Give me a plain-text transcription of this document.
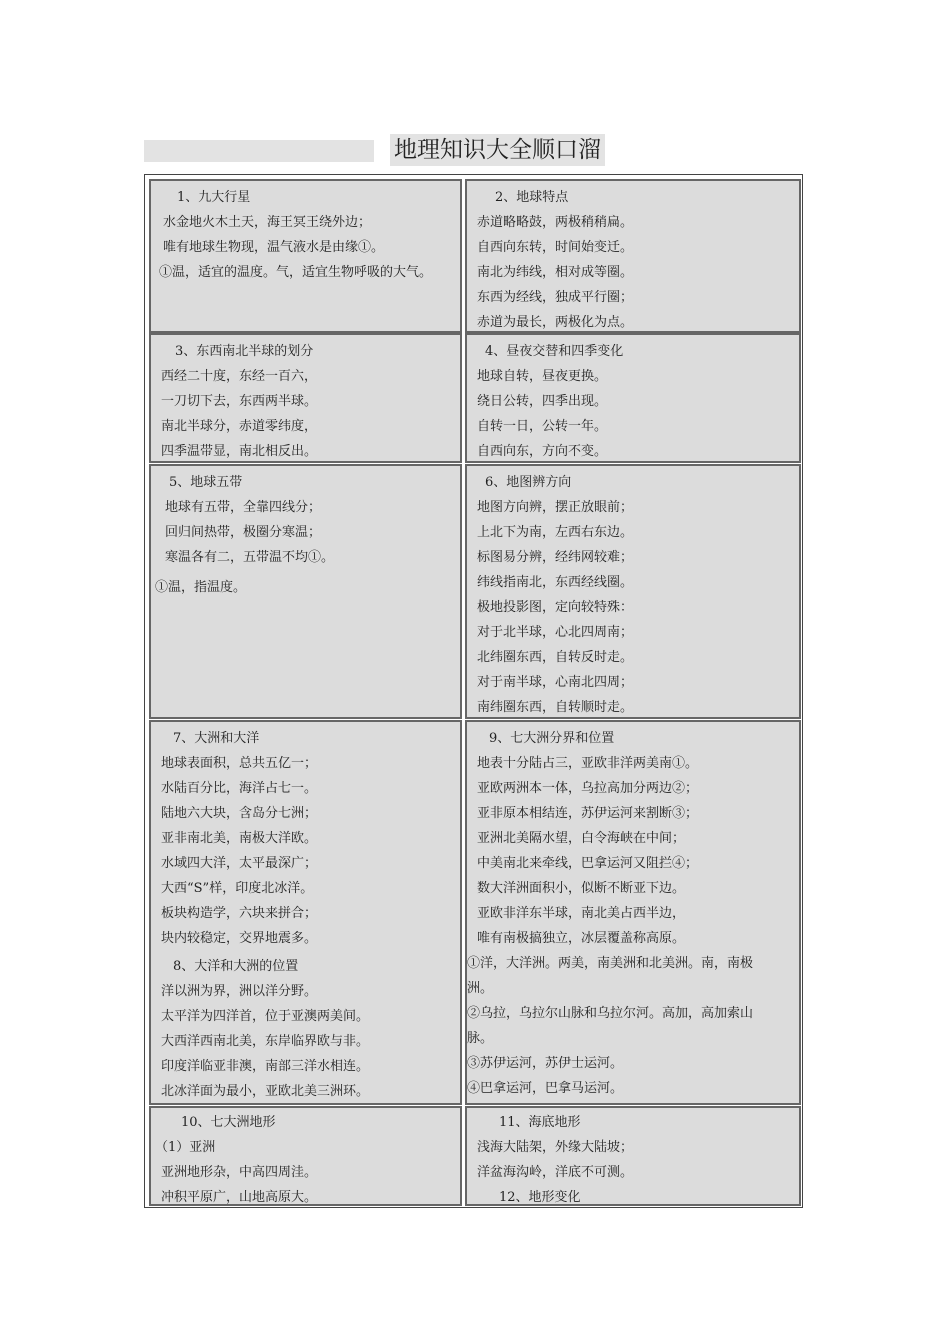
地理知识大全顺口溜
1、九大行星
水金地火木土天，海王冥王绕外边；
唯有地球生物现，温气液水是由缘①。
①温，适宜的温度。气，适宜生物呼吸的大气。
2、地球特点
赤道略略鼓，两极稍稍扁。
自西向东转，时间始变迁。
南北为纬线，相对成等圈。
东西为经线，独成平行圈；
赤道为最长，两极化为点。
3、东西南北半球的划分
西经二十度，东经一百六，
一刀切下去，东西两半球。
南北半球分，赤道零纬度，
四季温带显，南北相反出。
4、昼夜交替和四季变化
地球自转，昼夜更换。
绕日公转，四季出现。
自转一日，公转一年。
自西向东，方向不变。
5、地球五带
地球有五带，全靠四线分；
回归间热带，极圈分寒温；
寒温各有二，五带温不均①。
①温，指温度。
6、地图辨方向
地图方向辨，摆正放眼前；
上北下为南，左西右东边。
标图易分辨，经纬网较难；
纬线指南北，东西经线圈。
极地投影图，定向较特殊：
对于北半球，心北四周南；
北纬圈东西，自转反时走。
对于南半球，心南北四周；
南纬圈东西，自转顺时走。
7、大洲和大洋
地球表面积，总共五亿一；
水陆百分比，海洋占七一。
陆地六大块，含岛分七洲；
亚非南北美，南极大洋欧。
水域四大洋，太平最深广；
大西“S”样，印度北冰洋。
板块构造学，六块来拼合；
块内较稳定，交界地震多。
8、大洋和大洲的位置
洋以洲为界，洲以洋分野。
太平洋为四洋首，位于亚澳两美间。
大西洋西南北美，东岸临界欧与非。
印度洋临亚非澳，南部三洋水相连。
北冰洋面为最小，亚欧北美三洲环。
9、七大洲分界和位置
地表十分陆占三，亚欧非洋两美南①。
亚欧两洲本一体，乌拉高加分两边②；
亚非原本相结连，苏伊运河来割断③；
亚洲北美隔水望，白令海峡在中间；
中美南北来牵线，巴拿运河又阻拦④；
数大洋洲面积小，似断不断亚下边。
亚欧非洋东半球，南北美占西半边，
唯有南极搞独立，冰层覆盖称高原。
①洋，大洋洲。两美，南美洲和北美洲。南，南极
洲。
②乌拉，乌拉尔山脉和乌拉尔河。高加，高加索山
脉。
③苏伊运河，苏伊士运河。
④巴拿运河，巴拿马运河。
10、七大洲地形
（1）亚洲
亚洲地形杂，中高四周洼。
冲积平原广，山地高原大。
11、海底地形
浅海大陆架，外缘大陆坡；
洋盆海沟岭，洋底不可测。
12、地形变化
